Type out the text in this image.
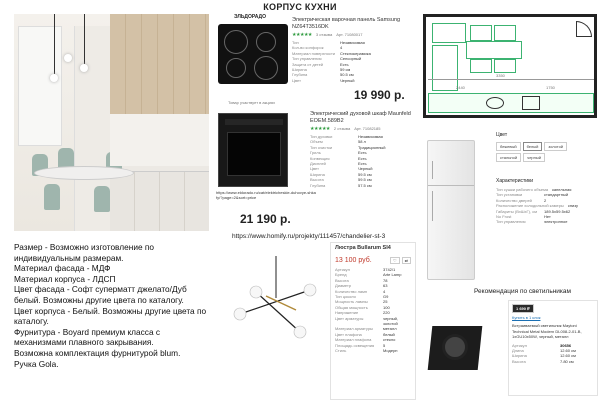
КОРПУС КУХНИ
ЭЛЬДОРАДО
Товар участвует в акциях
Электрическая варочная панель Samsung NZ64T3516DK
★★★★★ 3 отзыва Арт. 71080017
Тип	Независимая
Кол-во конфорок	4
Материал поверхности Стеклокерамика
Тип управления	Сенсорный
Защита от детей	Есть
Ширина	59 см
Глубина	50.5 см
Цвет	Черный
19 990 р.
Электрический духовой шкаф Maunfeld EOEM.589B2
★★★★★ 2 отзыва Арт. 71082185
Тип духовки	Независимая
Объем	58 л
Тип очистки	Традиционный
Гриль	Есть
Конвекция	Есть
Дисплей	Есть
Цвет	Черный
Ширина	59.5 см
Высота	59.5 см
Глубина	57.5 см
https://www.eldorado.ru/cat/elektricheskie-duhovye-shkafy/?page=2&sort=price
21 190 р.
3350
2440	1750
Цвет
бежевый	белый	золотой
стальной	черный
Характеристики
Тип сушки рабочего объема капельная
Тип установки	стандартный
Количество дверей	2
Расположение холодильной камеры снизу
Габариты (ВхШхГ), см	189.5х59.5х62
No Frost	Нет
Тип управления	электронное
Размер - Возможно изготовление по индивидуальным размерам.
Материал фасада - МДФ
Материал корпуса - ЛДСП
Цвет фасада - Софт суперматт джелато/Дуб белый. Возможны другие цвета по каталогу.
Цвет корпуса - Белый. Возможны другие цвета по каталогу.
Фурнитура - Boyard премиум класса с механизмами плавного закрывания.
Возможна комплектация фурнитурой blum.
Ручка Gola.
https://www.homify.ru/projekty/111457/chandelier-st-3
Люстра Bullarum SI4
13 100 руб.	♡	⇄
Артикул	3742/1
Бренд	Arte Lamp
Высота	78
Диаметр	63
Количество ламп	4
Тип цоколя	G9
Мощность лампы	25
Общая мощность	100
Напряжение	220
Цвет арматуры	черный, золотой
Материал арматуры	металл
Цвет плафона	белый
Материал плафона	стекло
Площадь освещения	5
Стиль	Модерн
Рекомендация по светильникам
1 690 ₽
Купить в 1 клик
Встраиваемый светильник Maytoni Technical Metal Modern DL008-2-01-B, 1xGU10x50W, черный, металл
Артикул	30656
Длина	12.60 см
Ширина	12.60 см
Высота	7.80 см
